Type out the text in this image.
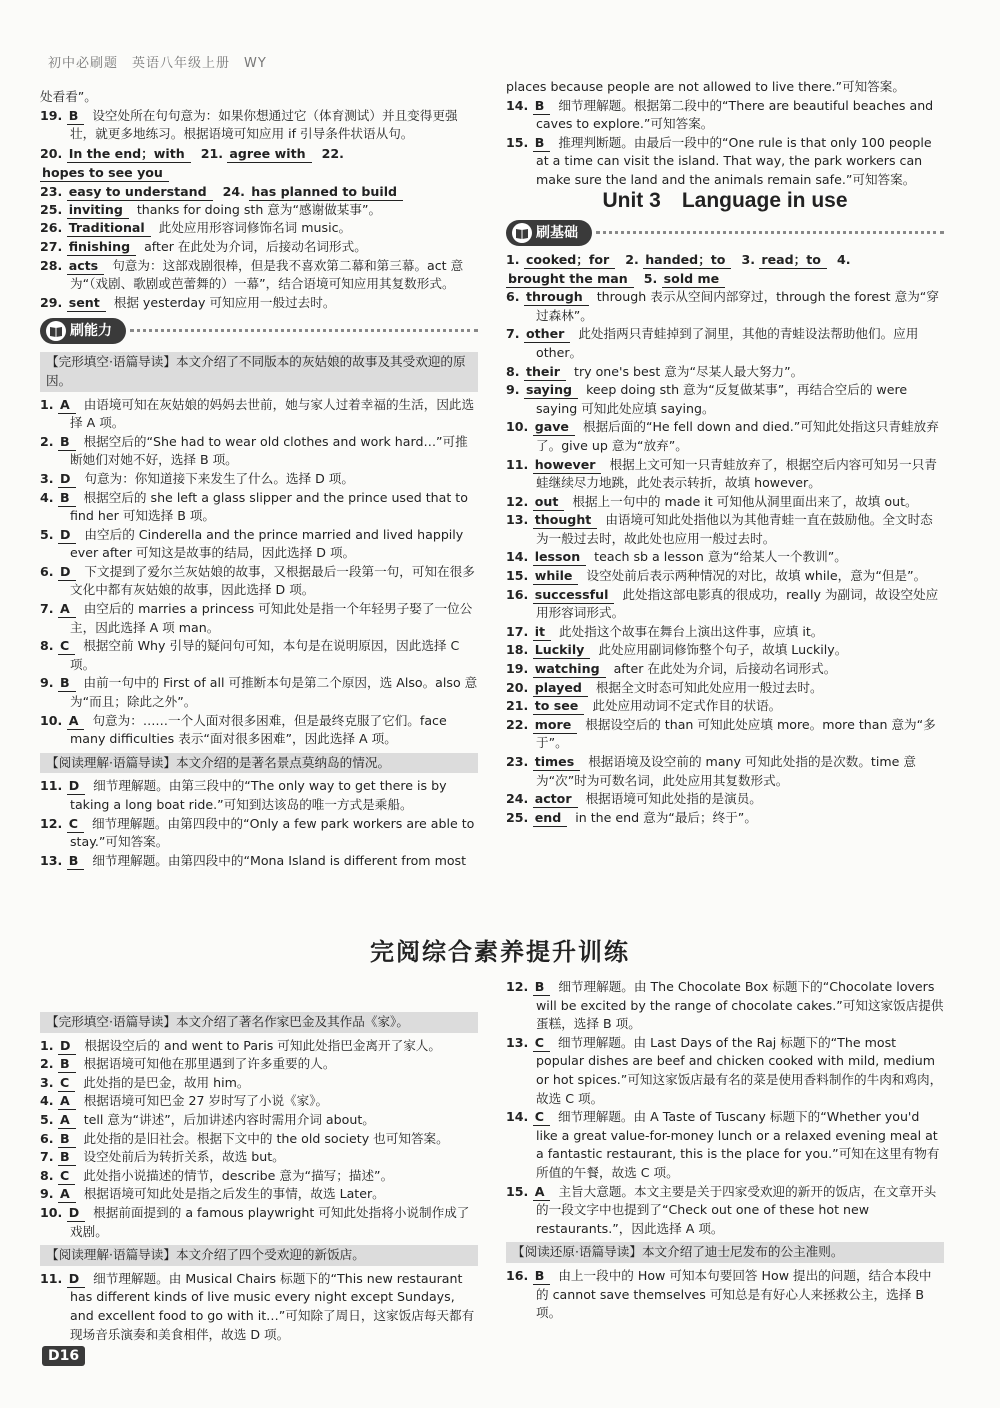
初中必刷题　英语八年级上册　WY
处看看”。
19. B 设空处所在句句意为：如果你想通过它（体育测试）并且变得更强壮，就更多地练习。根据语境可知应用 if 引导条件状语从句。
20. In the end；with 21. agree with 22. hopes to see you
23. easy to understand 24. has planned to build
25. inviting thanks for doing sth 意为“感谢做某事”。
26. Traditional 此处应用形容词修饰名词 music。
27. finishing after 在此处为介词，后接动名词形式。
28. acts 句意为：这部戏剧很棒，但是我不喜欢第二幕和第三幕。act 意为“（戏剧、歌剧或芭蕾舞的）一幕”，结合语境可知应用其复数形式。
29. sent 根据 yesterday 可知应用一般过去时。
刷能力
【完形填空·语篇导读】本文介绍了不同版本的灰姑娘的故事及其受欢迎的原因。
1. A 由语境可知在灰姑娘的妈妈去世前，她与家人过着幸福的生活，因此选择 A 项。
2. B 根据空后的“She had to wear old clothes and work hard…”可推断她们对她不好，选择 B 项。
3. D 句意为：你知道接下来发生了什么。选择 D 项。
4. B 根据空后的 she left a glass slipper and the prince used that to find her 可知选择 B 项。
5. D 由空后的 Cinderella and the prince married and lived happily ever after 可知这是故事的结局，因此选择 D 项。
6. D 下文提到了爱尔兰灰姑娘的故事，又根据最后一段第一句，可知在很多文化中都有灰姑娘的故事，因此选择 D 项。
7. A 由空后的 marries a princess 可知此处是指一个年轻男子娶了一位公主，因此选择 A 项 man。
8. C 根据空前 Why 引导的疑问句可知，本句是在说明原因，因此选择 C 项。
9. B 由前一句中的 First of all 可推断本句是第二个原因，选 Also。also 意为“而且；除此之外”。
10. A 句意为：……一个人面对很多困难，但是最终克服了它们。face many difficulties 表示“面对很多困难”，因此选择 A 项。
【阅读理解·语篇导读】本文介绍的是著名景点莫纳岛的情况。
11. D 细节理解题。由第三段中的“The only way to get there is by taking a long boat ride.”可知到达该岛的唯一方式是乘船。
12. C 细节理解题。由第四段中的“Only a few park workers are able to stay.”可知答案。
13. B 细节理解题。由第四段中的“Mona Island is different from most
places because people are not allowed to live there.”可知答案。
14. B 细节理解题。根据第二段中的“There are beautiful beaches and caves to explore.”可知答案。
15. B 推理判断题。由最后一段中的“One rule is that only 100 people at a time can visit the island. That way, the park workers can make sure the land and the animals remain safe.”可知答案。
Unit 3　Language in use
刷基础
1. cooked；for 2. handed；to 3. read；to 4. brought the man 5. sold me
6. through through 表示从空间内部穿过，through the forest 意为“穿过森林”。
7. other 此处指两只青蛙掉到了洞里，其他的青蛙设法帮助他们。应用 other。
8. their try one's best 意为“尽某人最大努力”。
9. saying keep doing sth 意为“反复做某事”，再结合空后的 were saying 可知此处应填 saying。
10. gave 根据后面的“He fell down and died.”可知此处指这只青蛙放弃了。give up 意为“放弃”。
11. however 根据上文可知一只青蛙放弃了，根据空后内容可知另一只青蛙继续尽力地跳，此处表示转折，故填 however。
12. out 根据上一句中的 made it 可知他从洞里面出来了，故填 out。
13. thought 由语境可知此处指他以为其他青蛙一直在鼓励他。全文时态为一般过去时，故此处也应用一般过去时。
14. lesson teach sb a lesson 意为“给某人一个教训”。
15. while 设空处前后表示两种情况的对比，故填 while，意为“但是”。
16. successful 此处指这部电影真的很成功，really 为副词，故设空处应用形容词形式。
17. it 此处指这个故事在舞台上演出这件事，应填 it。
18. Luckily 此处应用副词修饰整个句子，故填 Luckily。
19. watching after 在此处为介词，后接动名词形式。
20. played 根据全文时态可知此处应用一般过去时。
21. to see 此处应用动词不定式作目的状语。
22. more 根据设空后的 than 可知此处应填 more。more than 意为“多于”。
23. times 根据语境及设空前的 many 可知此处指的是次数。time 意为“次”时为可数名词，此处应用其复数形式。
24. actor 根据语境可知此处指的是演员。
25. end in the end 意为“最后；终于”。
完阅综合素养提升训练
【完形填空·语篇导读】本文介绍了著名作家巴金及其作品《家》。
1. D 根据设空后的 and went to Paris 可知此处指巴金离开了家人。
2. B 根据语境可知他在那里遇到了许多重要的人。
3. C 此处指的是巴金，故用 him。
4. A 根据语境可知巴金 27 岁时写了小说《家》。
5. A tell 意为“讲述”，后加讲述内容时需用介词 about。
6. B 此处指的是旧社会。根据下文中的 the old society 也可知答案。
7. B 设空处前后为转折关系，故选 but。
8. C 此处指小说描述的情节，describe 意为“描写；描述”。
9. A 根据语境可知此处是指之后发生的事情，故选 Later。
10. D 根据前面提到的 a famous playwright 可知此处指将小说制作成了戏剧。
【阅读理解·语篇导读】本文介绍了四个受欢迎的新饭店。
11. D 细节理解题。由 Musical Chairs 标题下的“This new restaurant has different kinds of live music every night except Sundays, and excellent food to go with it…”可知除了周日，这家饭店每天都有现场音乐演奏和美食相伴，故选 D 项。
12. B 细节理解题。由 The Chocolate Box 标题下的“Chocolate lovers will be excited by the range of chocolate cakes.”可知这家饭店提供蛋糕，选择 B 项。
13. C 细节理解题。由 Last Days of the Raj 标题下的“The most popular dishes are beef and chicken cooked with mild, medium or hot spices.”可知这家饭店最有名的菜是使用香料制作的牛肉和鸡肉，故选 C 项。
14. C 细节理解题。由 A Taste of Tuscany 标题下的“Whether you'd like a great value-for-money lunch or a relaxed evening meal at a fantastic restaurant, this is the place for you.”可知在这里有物有所值的午餐，故选 C 项。
15. A 主旨大意题。本文主要是关于四家受欢迎的新开的饭店，在文章开头的一段文字中也提到了“Check out one of these hot new restaurants.”，因此选择 A 项。
【阅读还原·语篇导读】本文介绍了迪士尼发布的公主准则。
16. B 由上一段中的 How 可知本句要回答 How 提出的问题，结合本段中的 cannot save themselves 可知总是有好心人来拯救公主，选择 B 项。
D16
